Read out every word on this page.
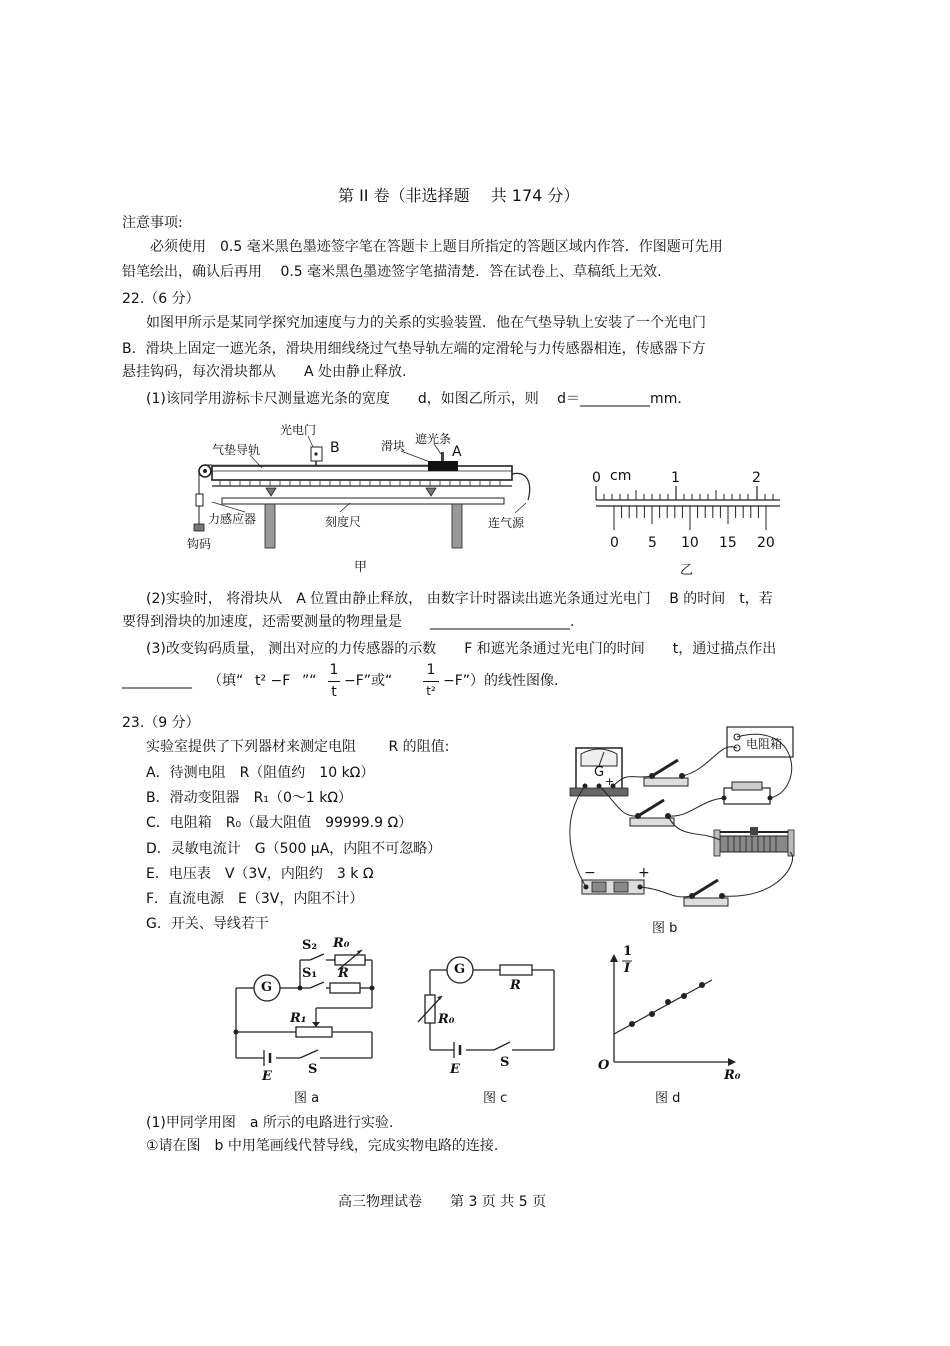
第 II 卷（非选择题　 共 174 分）
注意事项:
必须使用　0.5 毫米黑色墨迹签字笔在答题卡上题目所指定的答题区域内作答．作图题可先用
铅笔绘出，确认后再用　 0.5 毫米黑色墨迹签字笔描清楚．答在试卷上、草稿纸上无效.
22.（6 分）
如图甲所示是某同学探究加速度与力的关系的实验装置．他在气垫导轨上安装了一个光电门
B．滑块上固定一遮光条，滑块用细线绕过气垫导轨左端的定滑轮与力传感器相连，传感器下方
悬挂钩码，每次滑块都从　　A 处由静止释放.
(1)该同学用游标卡尺测量遮光条的宽度　　d，如图乙所示，则　 d＝__________mm．
光电门
B
气垫导轨	滑块 遮光条
A
力感应器	刻度尺
钩码
连气源
甲
0 cm	1	2
0 5 10 15 20
乙
(2)实验时， 将滑块从　A 位置由静止释放， 由数字计时器读出遮光条通过光电门　 B 的时间　t，若
要得到滑块的加速度，还需要测量的物理量是　　____________________.
(3)改变钩码质量， 测出对应的力传感器的示数　　F 和遮光条通过光电门的时间　　t，通过描点作出
__________ （填“ t² −F ”“
1
t
−F”或“
1
t²
−F”）的线性图像.
23.（9 分）
实验室提供了下列器材来测定电阻　　 R 的阻值:
A．待测电阻　R（阻值约　10 kΩ）
B．滑动变阻器　R₁（0～1 kΩ）
C．电阻箱　R₀（最大阻值　99999.9 Ω）
D．灵敏电流计　G（500 μA，内阻不可忽略）
E．电压表　V（3V，内阻约　3 k Ω
F．直流电源　E（3V，内阻不计）
G．开关、导线若干
电阻箱
G
−	+
+
图 b
G
S₂ R₀
S₁ R
R₁
E	S
图 a
G
R
R₀
E	S
图 c
1
I
O
R₀
图 d
(1)甲同学用图　a 所示的电路进行实验.
①请在图　b 中用笔画线代替导线，完成实物电路的连接.
高三物理试卷　　第 3 页 共 5 页
